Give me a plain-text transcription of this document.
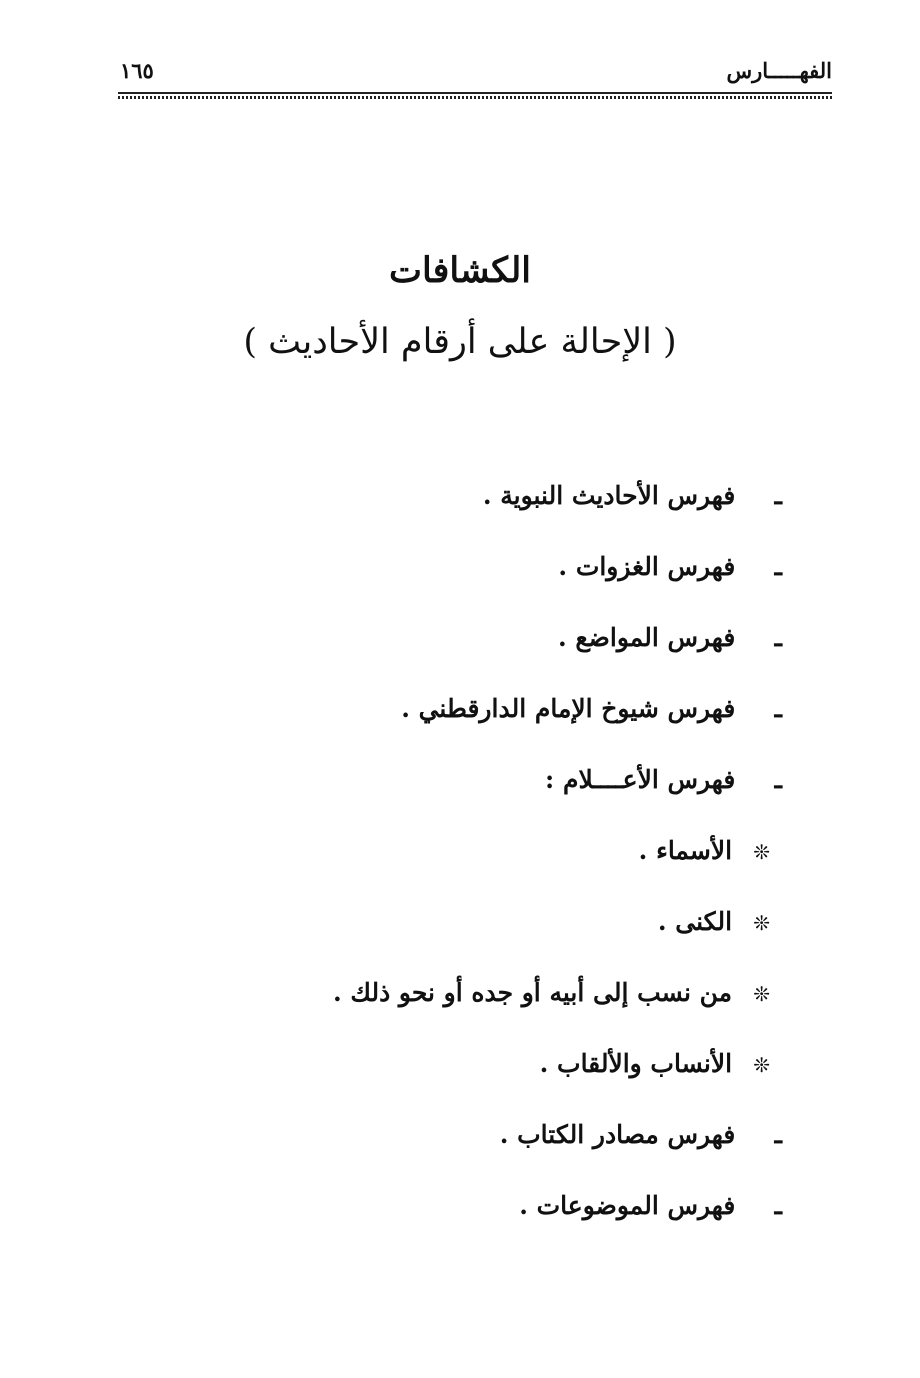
الفهـــــارس
١٦٥
الكشافات
( الإحالة على أرقام الأحاديث )
ـ فهرس الأحاديث النبوية .
ـ فهرس الغزوات .
ـ فهرس المواضع .
ـ فهرس شيوخ الإمام الدارقطني .
ـ فهرس الأعــــلام :
❊ الأسماء .
❊ الكنى .
❊ من نسب إلى أبيه أو جده أو نحو ذلك .
❊ الأنساب والألقاب .
ـ فهرس مصادر الكتاب .
ـ فهرس الموضوعات .
